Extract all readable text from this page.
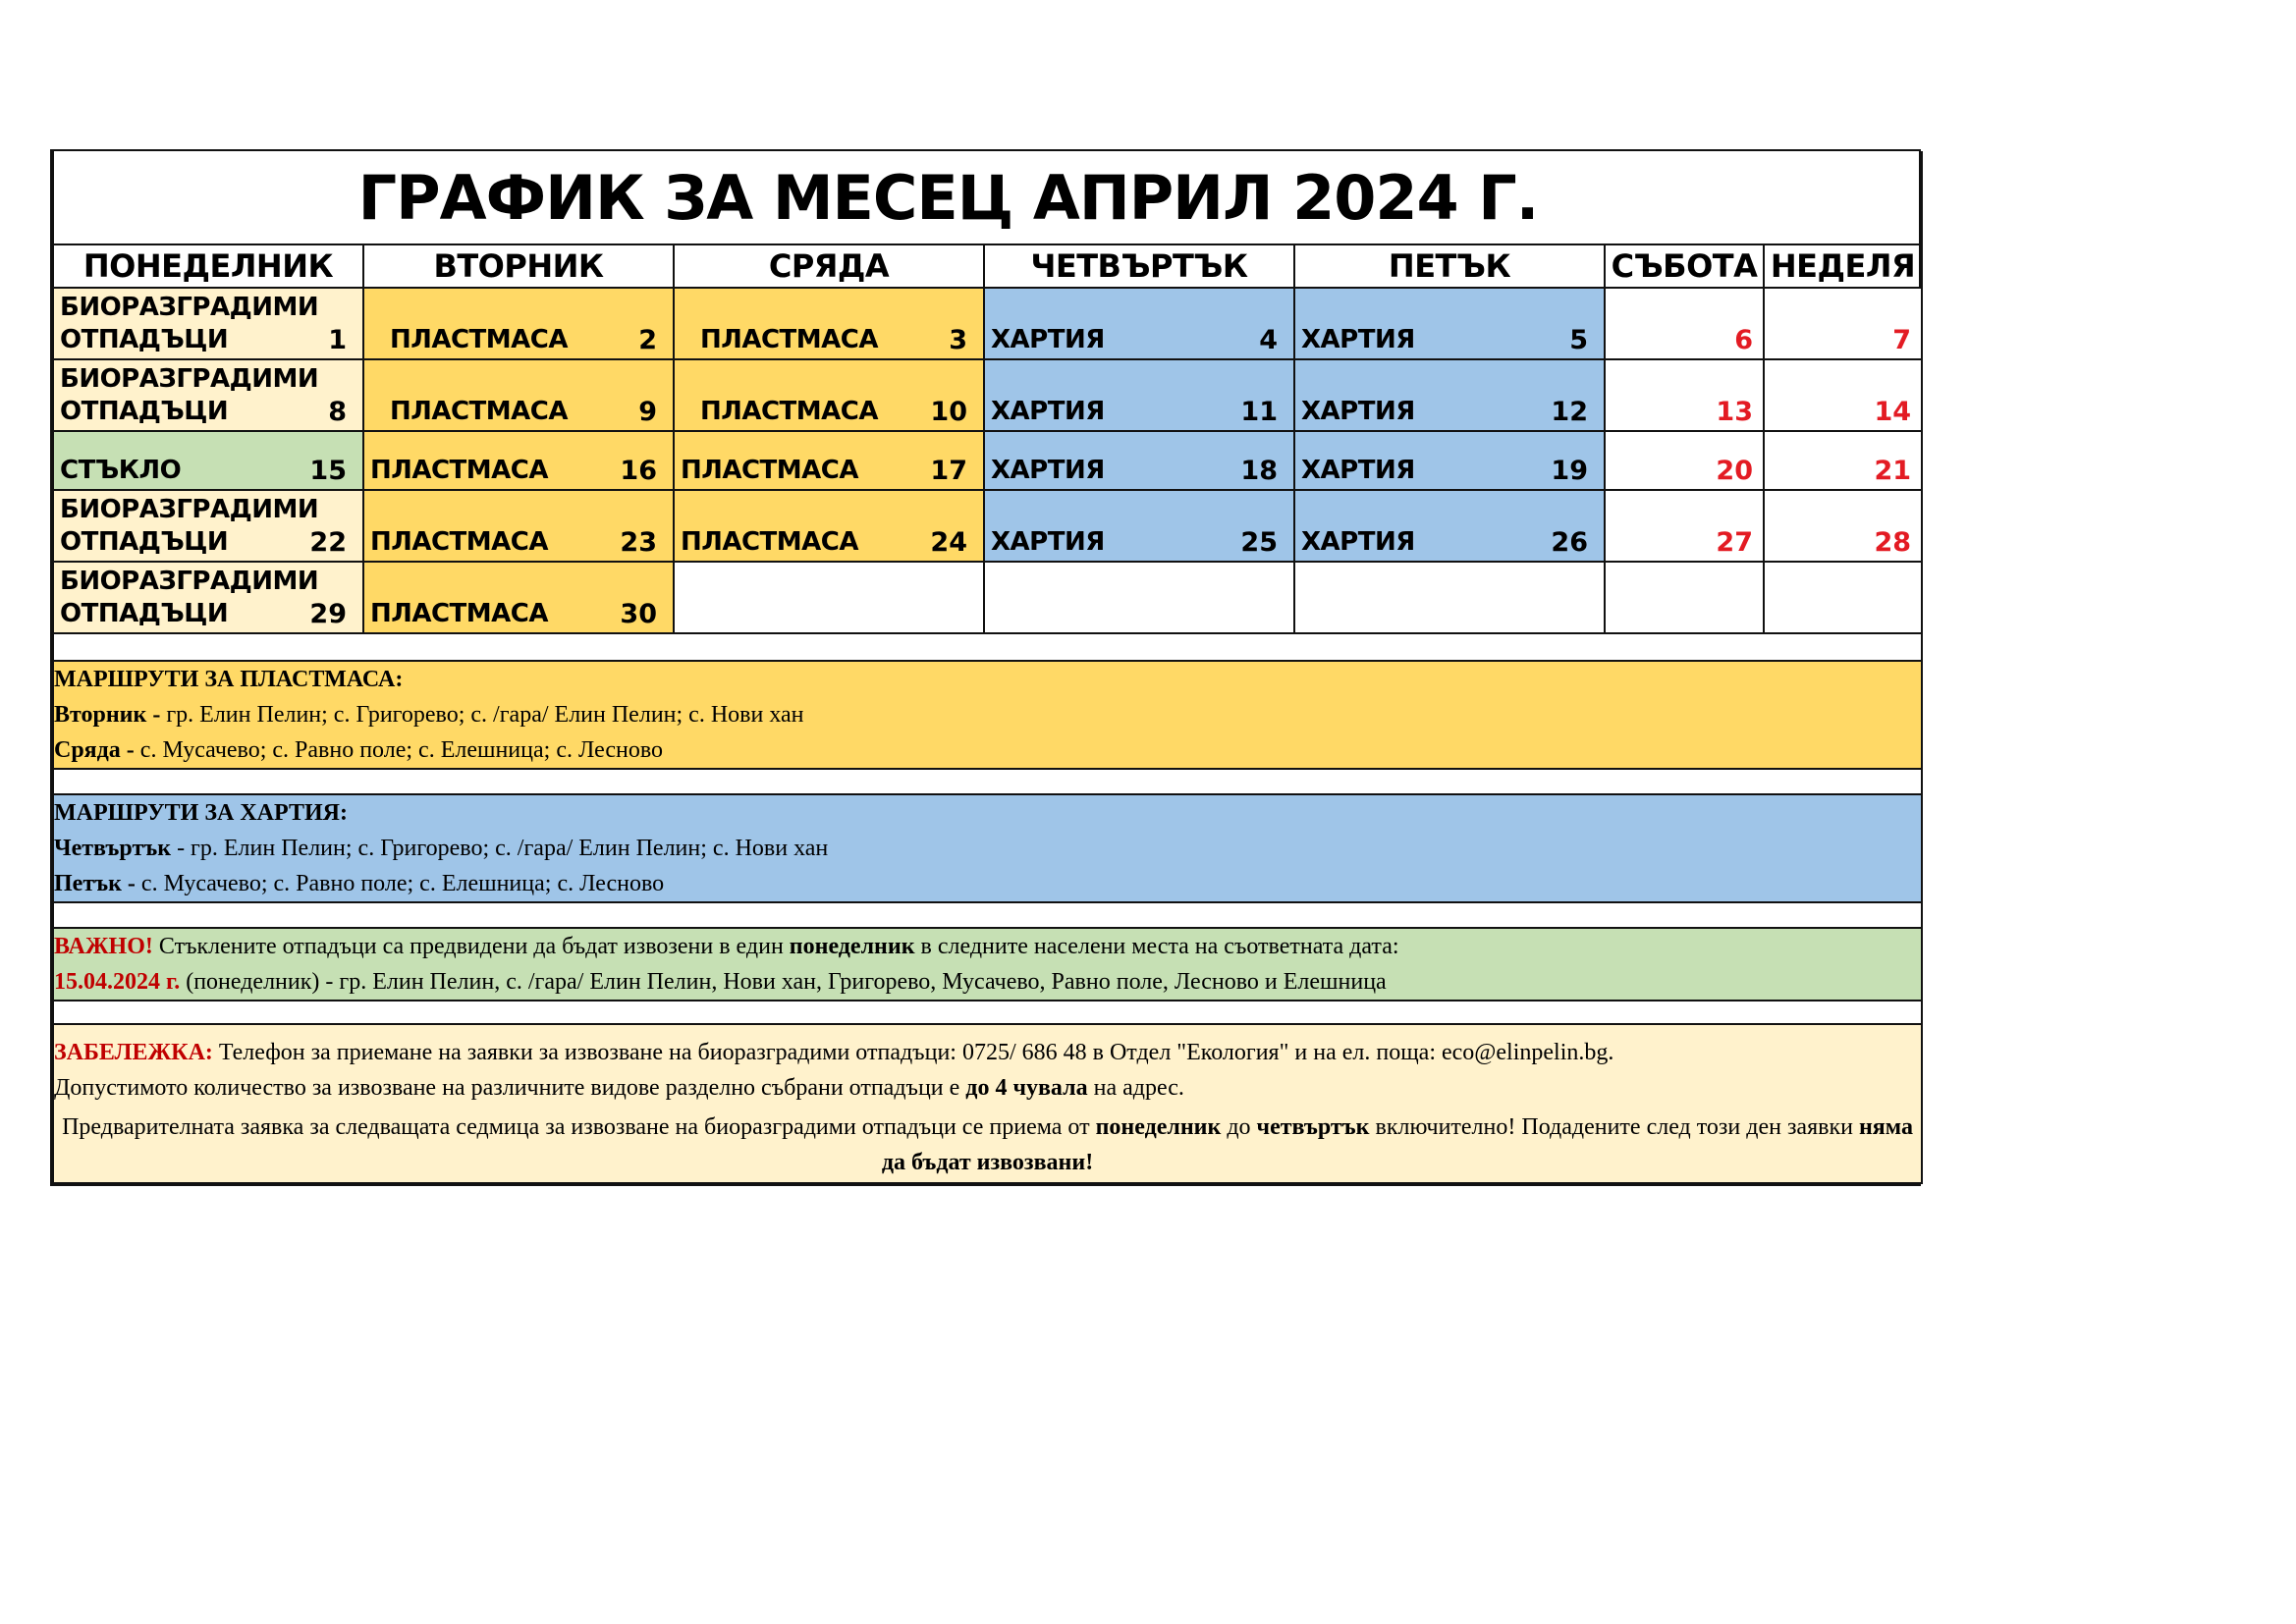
ГРАФИК ЗА МЕСЕЦ АПРИЛ 2024 Г.						
ПОНЕДЕЛНИК	ВТОРНИК	СРЯДА	ЧЕТВЪРТЪК	ПЕТЪК	СЪБОТА	НЕДЕЛЯ

БИОРАЗГРАДИМИ ОТПАДЪЦИ 1	ПЛАСТМАСА 2	ПЛАСТМАСА 3	ХАРТИЯ 4	ХАРТИЯ 5	6	7

БИОРАЗГРАДИМИ ОТПАДЪЦИ 8	ПЛАСТМАСА 9	ПЛАСТМАСА 10	ХАРТИЯ 11	ХАРТИЯ 12	13	14

СТЪКЛО 15	ПЛАСТМАСА 16	ПЛАСТМАСА 17	ХАРТИЯ 18	ХАРТИЯ 19	20	21

БИОРАЗГРАДИМИ ОТПАДЪЦИ 22	ПЛАСТМАСА 23	ПЛАСТМАСА 24	ХАРТИЯ 25	ХАРТИЯ 26	27	28

БИОРАЗГРАДИМИ ОТПАДЪЦИ 29	ПЛАСТМАСА 30					

МАРШРУТИ ЗА ПЛАСТМАСА:
Вторник - гр. Елин Пелин; с. Григорево; с. /гара/ Елин Пелин; с. Нови хан
Сряда - с. Мусачево; с. Равно поле; с. Елешница; с. Лесново						

МАРШРУТИ ЗА ХАРТИЯ:
Четвъртък - гр. Елин Пелин; с. Григорево; с. /гара/ Елин Пелин; с. Нови хан
Петък - с. Мусачево; с. Равно поле; с. Елешница; с. Лесново						

ВАЖНО! Стъклените отпадъци са предвидени да бъдат извозени в един понеделник в следните населени места на съответната дата:
15.04.2024 г. (понеделник) - гр. Елин Пелин, с. /гара/ Елин Пелин, Нови хан, Григорево, Мусачево, Равно поле, Лесново и Елешница						

ЗАБЕЛЕЖКА: Телефон за приемане на заявки за извозване на биоразградими отпадъци: 0725/ 686 48 в Отдел "Екология" и на ел. поща: eco@elinpelin.bg.
Допустимото количество за извозване на различните видове разделно събрани отпадъци е до 4 чувала на адрес.
Предварителната заявка за следващата седмица за извозване на биоразградими отпадъци се приема от понеделник до четвъртък включително! Подадените след този ден заявки няма да бъдат извозвани!						
